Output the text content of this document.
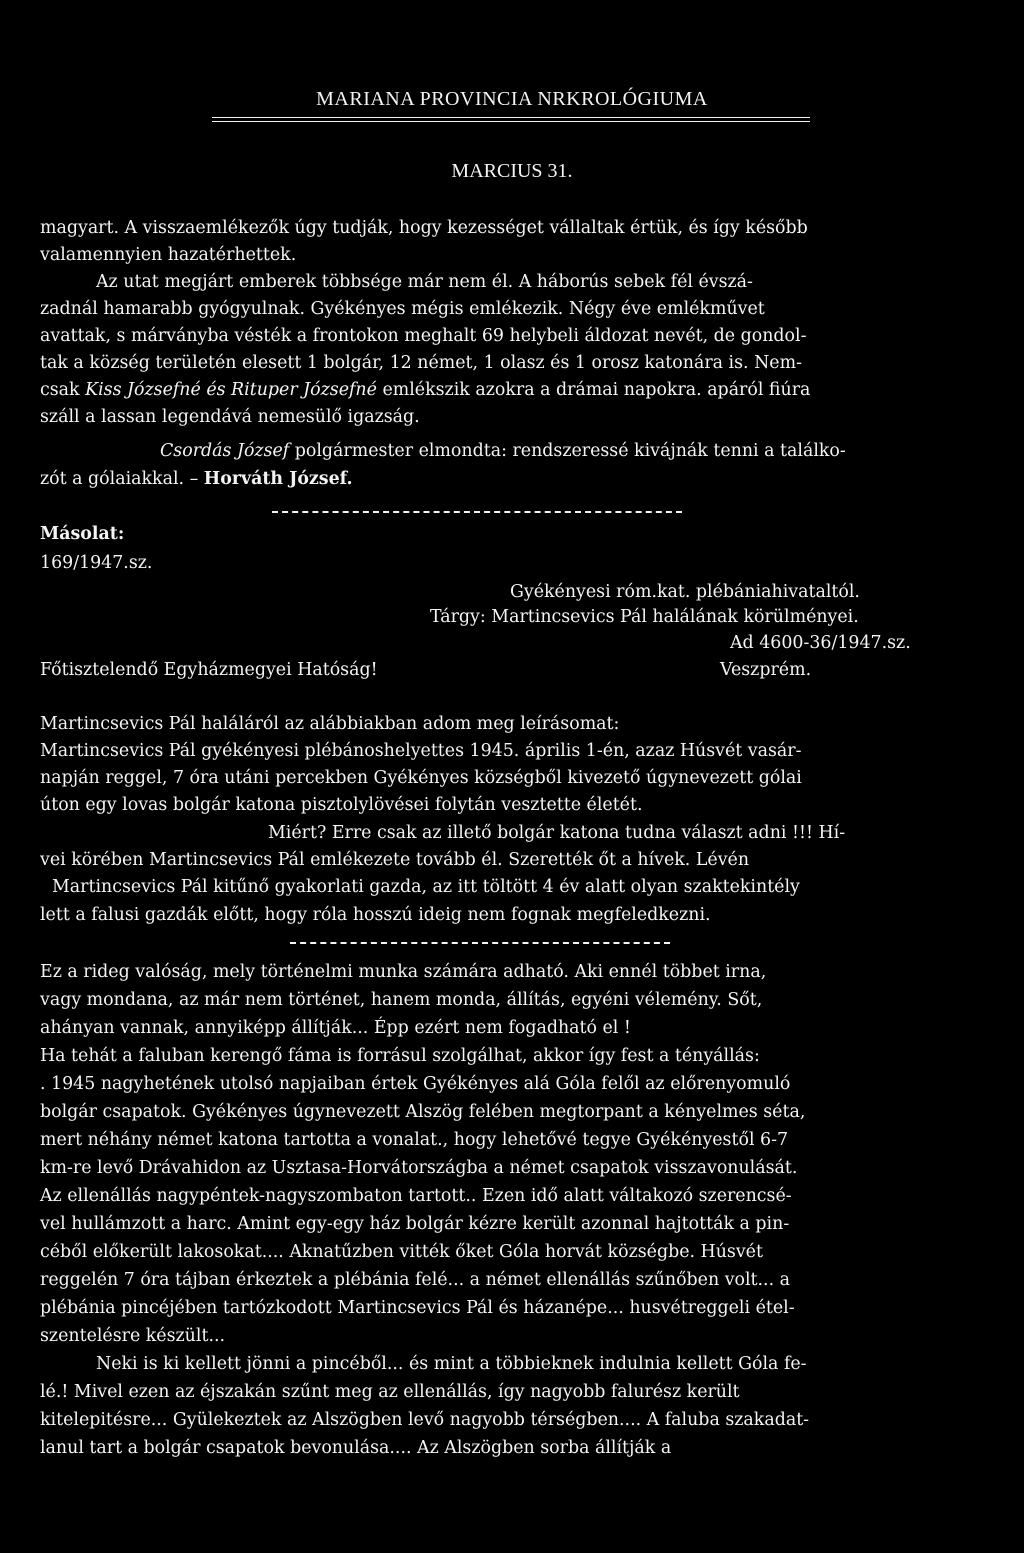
MARIANA PROVINCIA NRKROLÓGIUMA
MARCIUS 31.
magyart. A visszaemlékezők úgy tudják, hogy kezességet vállaltak értük, és így később
valamennyien hazatérhettek.
Az utat megjárt emberek többsége már nem él. A háborús sebek fél évszá-
zadnál hamarabb gyógyulnak. Gyékényes mégis emlékezik. Négy éve emlékművet
avattak, s márványba vésték a frontokon meghalt 69 helybeli áldozat nevét, de gondol-
tak a község területén elesett 1 bolgár, 12 német, 1 olasz és 1 orosz katonára is. Nem-
csak Kiss Józsefné és Rituper Józsefné emlékszik azokra a drámai napokra. apáról fiúra
száll a lassan legendává nemesülő igazság.
Csordás József polgármester elmondta: rendszeressé kivájnák tenni a találko-
zót a gólaiakkal. – Horváth József.
Másolat:
169/1947.sz.
Gyékényesi róm.kat. plébániahivataltól.
Tárgy: Martincsevics Pál halálának körülményei.
Ad 4600-36/1947.sz.
Főtisztelendő Egyházmegyei Hatóság!	Veszprém.
Martincsevics Pál haláláról az alábbiakban adom meg leírásomat:
Martincsevics Pál gyékényesi plébánoshelyettes 1945. április 1-én, azaz Húsvét vasár-
napján reggel, 7 óra utáni percekben Gyékényes községből kivezető úgynevezett gólai
úton egy lovas bolgár katona pisztolylövései folytán vesztette életét.
Miért? Erre csak az illető bolgár katona tudna választ adni !!! Hí-
vei körében Martincsevics Pál emlékezete tovább él. Szerették őt a hívek. Lévén
Martincsevics Pál kitűnő gyakorlati gazda, az itt töltött 4 év alatt olyan szaktekintély
lett a falusi gazdák előtt, hogy róla hosszú ideig nem fognak megfeledkezni.
Ez a rideg valóság, mely történelmi munka számára adható. Aki ennél többet irna,
vagy mondana, az már nem történet, hanem monda, állítás, egyéni vélemény. Sőt,
ahányan vannak, annyiképp állítják... Épp ezért nem fogadható el !
Ha tehát a faluban kerengő fáma is forrásul szolgálhat, akkor így fest a tényállás:
. 1945 nagyhetének utolsó napjaiban értek Gyékényes alá Góla felől az előrenyomuló
bolgár csapatok. Gyékényes úgynevezett Alszög felében megtorpant a kényelmes séta,
mert néhány német katona tartotta a vonalat., hogy lehetővé tegye Gyékényestől 6-7
km-re levő Drávahidon az Usztasa-Horvátországba a német csapatok visszavonulását.
Az ellenállás nagypéntek-nagyszombaton tartott.. Ezen idő alatt váltakozó szerencsé-
vel hullámzott a harc. Amint egy-egy ház bolgár kézre került azonnal hajtották a pin-
céből előkerült lakosokat.... Aknatűzben vitték őket Góla horvát községbe. Húsvét
reggelén 7 óra tájban érkeztek a plébánia felé... a német ellenállás szűnőben volt... a
plébánia pincéjében tartózkodott Martincsevics Pál és házanépe... husvétreggeli étel-
szentelésre készült...
Neki is ki kellett jönni a pincéből... és mint a többieknek indulnia kellett Góla fe-
lé.! Mivel ezen az éjszakán szűnt meg az ellenállás, így nagyobb falurész került
kitelepitésre... Gyülekeztek az Alszögben levő nagyobb térségben.... A faluba szakadat-
lanul tart a bolgár csapatok bevonulása.... Az Alszögben sorba állítják a
